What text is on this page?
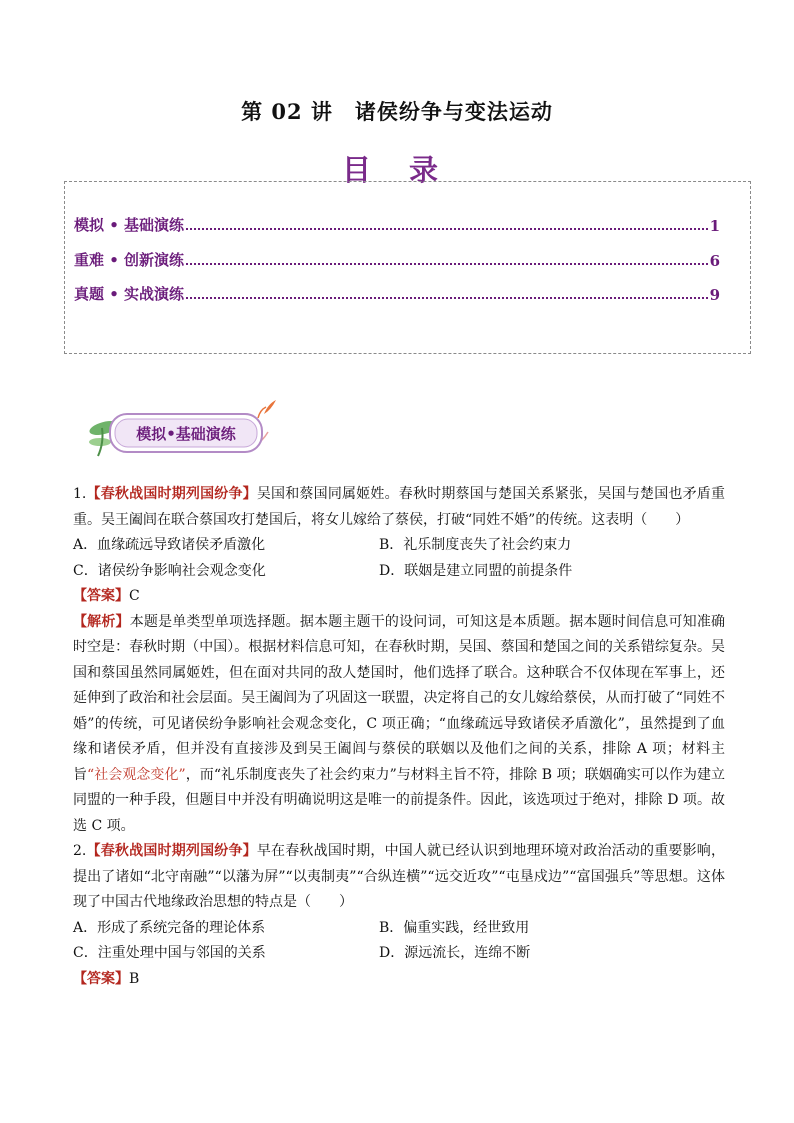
第 02 讲　诸侯纷争与变法运动
目 录
模拟 • 基础演练	1
重难 • 创新演练	6
真题 • 实战演练	9
模拟•基础演练

1.【春秋战国时期列国纷争】吴国和蔡国同属姬姓。春秋时期蔡国与楚国关系紧张，吴国与楚国也矛盾重重。吴王阖闾在联合蔡国攻打楚国后，将女儿嫁给了蔡侯，打破“同姓不婚”的传统。这表明（　　）

A．血缘疏远导致诸侯矛盾激化	B．礼乐制度丧失了社会约束力
C．诸侯纷争影响社会观念变化	D．联姻是建立同盟的前提条件

【答案】C

【解析】本题是单类型单项选择题。据本题主题干的设问词，可知这是本质题。据本题时间信息可知准确时空是：春秋时期（中国）。根据材料信息可知，在春秋时期，吴国、蔡国和楚国之间的关系错综复杂。吴国和蔡国虽然同属姬姓，但在面对共同的敌人楚国时，他们选择了联合。这种联合不仅体现在军事上，还延伸到了政治和社会层面。吴王阖闾为了巩固这一联盟，决定将自己的女儿嫁给蔡侯，从而打破了“同姓不婚”的传统，可见诸侯纷争影响社会观念变化，C 项正确；“血缘疏远导致诸侯矛盾激化”，虽然提到了血缘和诸侯矛盾，但并没有直接涉及到吴王阖闾与蔡侯的联姻以及他们之间的关系，排除 A 项；材料主旨“社会观念变化”，而“礼乐制度丧失了社会约束力”与材料主旨不符，排除 B 项；联姻确实可以作为建立同盟的一种手段，但题目中并没有明确说明这是唯一的前提条件。因此，该选项过于绝对，排除 D 项。故选 C 项。

2.【春秋战国时期列国纷争】早在春秋战国时期，中国人就已经认识到地理环境对政治活动的重要影响，提出了诸如“北守南融”“以藩为屏”“以夷制夷”“合纵连横”“远交近攻”“屯垦戍边”“富国强兵”等思想。这体现了中国古代地缘政治思想的特点是（　　）

A．形成了系统完备的理论体系	B．偏重实践，经世致用
C．注重处理中国与邻国的关系	D．源远流长，连绵不断

【答案】B
